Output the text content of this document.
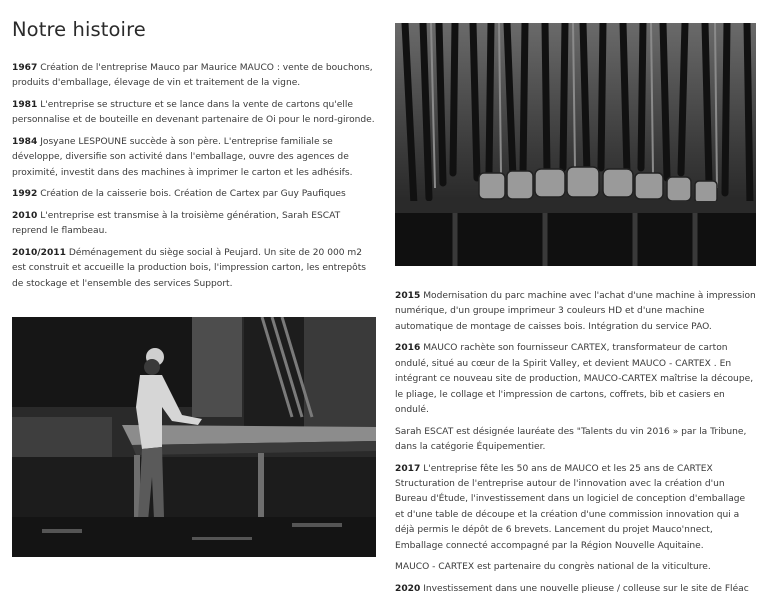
Notre histoire

1967 Création de l'entreprise Mauco par Maurice MAUCO : vente de bouchons, produits d'emballage, élevage de vin et traitement de la vigne.

1981 L'entreprise se structure et se lance dans la vente de cartons qu'elle personnalise et de bouteille en devenant partenaire de Oi pour le nord-gironde.

1984 Josyane LESPOUNE succède à son père. L'entreprise familiale se développe, diversifie son activité dans l'emballage, ouvre des agences de proximité, investit dans des machines à imprimer le carton et les adhésifs.

1992 Création de la caisserie bois. Création de Cartex par Guy Paufiques

2010 L'entreprise est transmise à la troisième génération, Sarah ESCAT reprend le flambeau.

2010/2011 Déménagement du siège social à Peujard. Un site de 20 000 m2 est construit et accueille la production bois, l'impression carton, les entrepôts de stockage et l'ensemble des services Support.

2015 Modernisation du parc machine avec l'achat d'une machine à impression numérique, d'un groupe imprimeur 3 couleurs HD et d'une machine automatique de montage de caisses bois. Intégration du service PAO.

2016 MAUCO rachète son fournisseur CARTEX, transformateur de carton ondulé, situé au cœur de la Spirit Valley, et devient MAUCO - CARTEX . En intégrant ce nouveau site de production, MAUCO-CARTEX maîtrise la découpe, le pliage, le collage et l'impression de cartons, coffrets, bib et casiers en ondulé.

Sarah ESCAT est désignée lauréate des "Talents du vin 2016 » par la Tribune, dans la catégorie Équipementier.

2017 L'entreprise fête les 50 ans de MAUCO et les 25 ans de CARTEX Structuration de l'entreprise autour de l'innovation avec la création d'un Bureau d'Étude, l'investissement dans un logiciel de conception d'emballage et d'une table de découpe et la création d'une commission innovation qui a déjà permis le dépôt de 6 brevets. Lancement du projet Mauco'nnect, Emballage connecté accompagné par la Région Nouvelle Aquitaine.

MAUCO - CARTEX est partenaire du congrès national de la viticulture.

2020 Investissement dans une nouvelle plieuse / colleuse sur le site de Fléac
